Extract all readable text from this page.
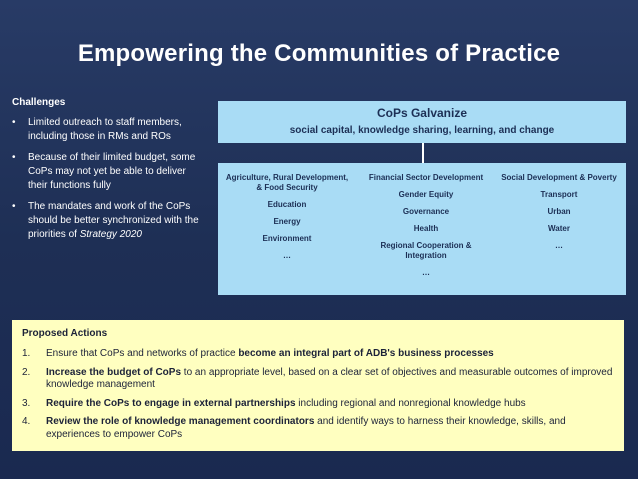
Empowering the Communities of Practice
Challenges
• Limited outreach to staff members, including those in RMs and ROs
• Because of their limited budget, some CoPs may not yet be able to deliver their functions fully
• The mandates and work of the CoPs should be better synchronized with the priorities of Strategy 2020
CoPs Galvanize
social capital, knowledge sharing, learning, and change
Agriculture, Rural Development, & Food Security
Education
Energy
Environment
…
Financial Sector Development
Gender Equity
Governance
Health
Regional Cooperation & Integration
…
Social Development & Poverty
Transport
Urban
Water
…
Proposed Actions
1. Ensure that CoPs and networks of practice become an integral part of ADB's business processes
2. Increase the budget of CoPs to an appropriate level, based on a clear set of objectives and measurable outcomes of improved knowledge management
3. Require the CoPs to engage in external partnerships including regional and nonregional knowledge hubs
4. Review the role of knowledge management coordinators and identify ways to harness their knowledge, skills, and experiences to empower CoPs
